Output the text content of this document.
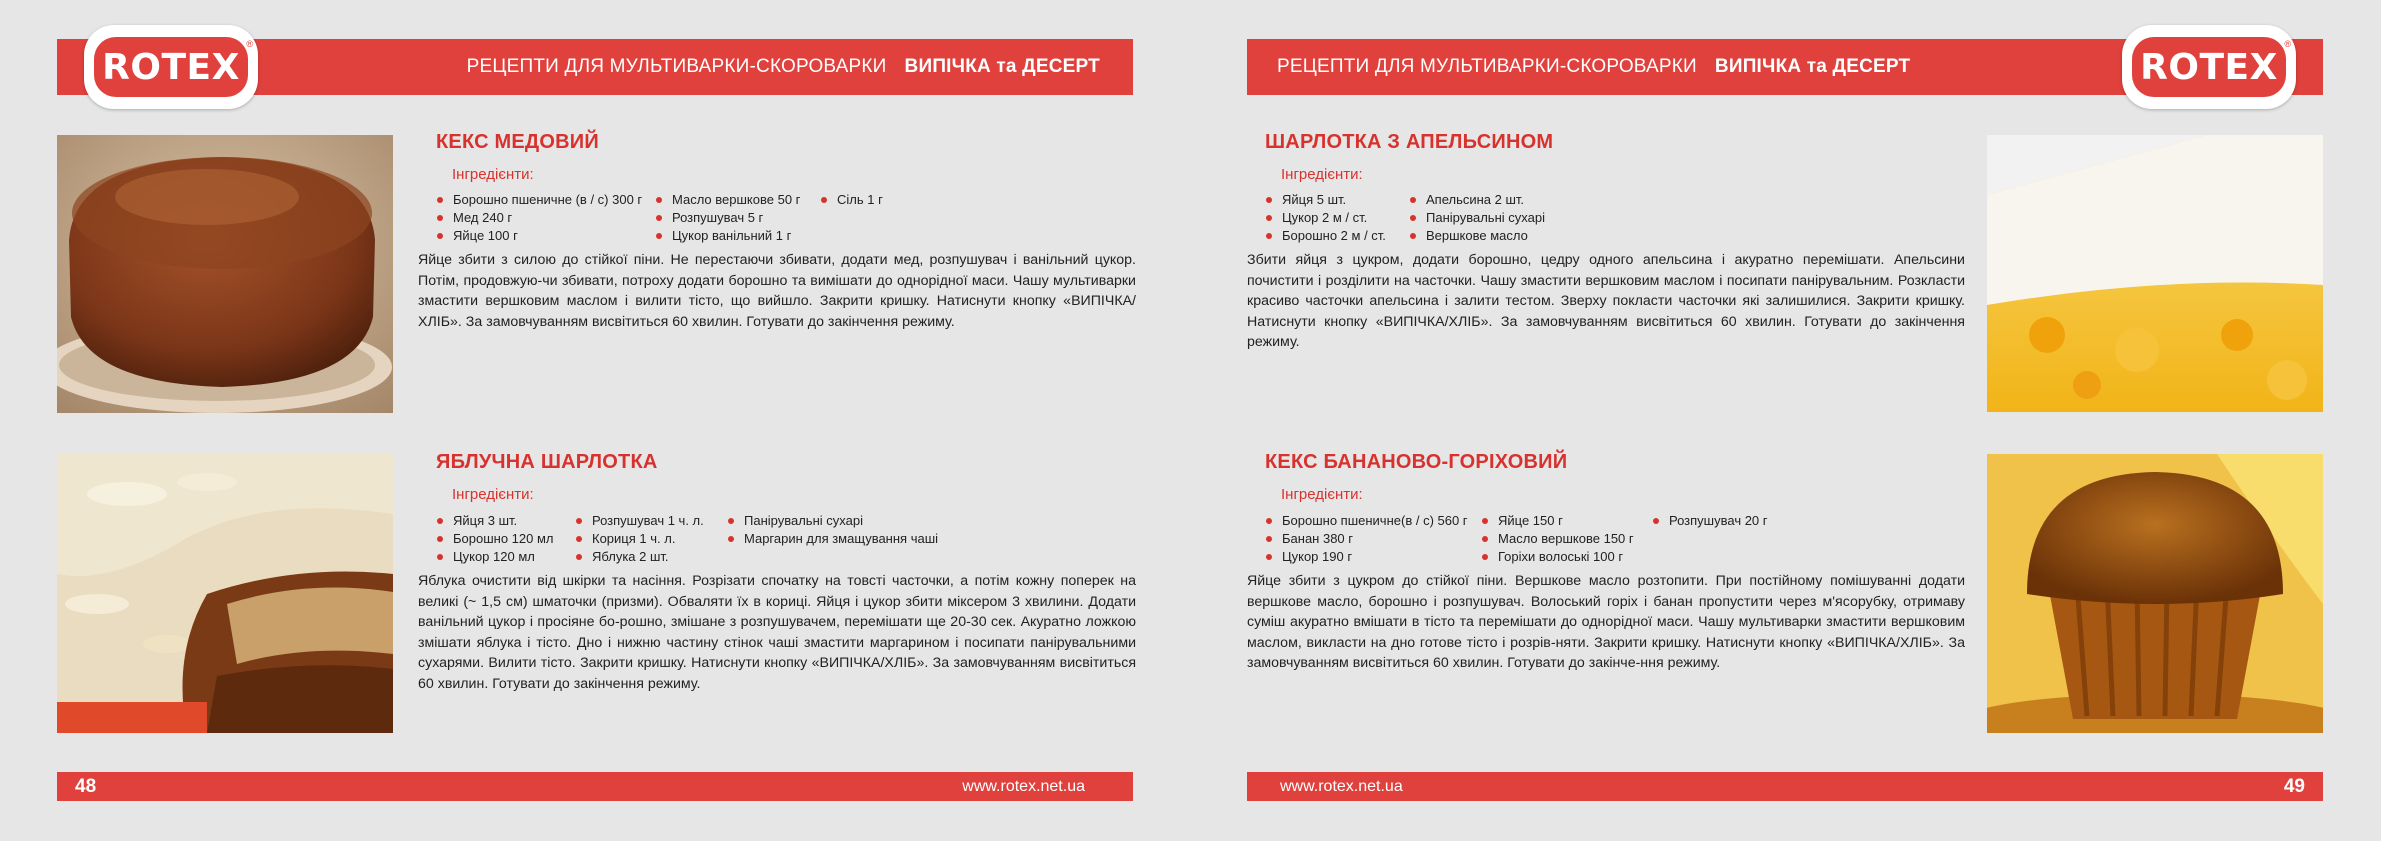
РЕЦЕПТИ ДЛЯ МУЛЬТИВАРКИ-СКОРОВАРКИ ВИПІЧКА та ДЕСЕРТ
ROTEX
®
КЕКС МЕДОВИЙ
Інгредієнти:
Борошно пшеничне (в / с) 300 г
Мед 240 г
Яйце 100 г
Масло вершкове 50 г
Розпушувач 5 г
Цукор ванільний 1 г
Сіль 1 г

Яйце збити з силою до стійкої піни. Не перестаючи збивати, додати мед, розпушувач і ванільний цукор. Потім, продовжую-чи збивати, потроху додати борошно та вимішати до однорідної маси. Чашу мультиварки змастити вершковим маслом і вилити тісто, що вийшло. Закрити кришку. Натиснути кнопку «ВИПІЧКА/ХЛІБ». За замовчуванням висвітиться 60 хвилин. Готувати до закінчення режиму.

ЯБЛУЧНА ШАРЛОТКА
Інгредієнти:
Яйця 3 шт.
Борошно 120 мл
Цукор 120 мл
Розпушувач 1 ч. л.
Кориця 1 ч. л.
Яблука 2 шт.
Панірувальні сухарі
Маргарин для змащування чаші

Яблука очистити від шкірки та насіння. Розрізати спочатку на товсті часточки, а потім кожну поперек на великі (~ 1,5 см) шматочки (призми). Обваляти їх в кориці. Яйця і цукор збити міксером 3 хвилини. Додати ванільний цукор і просіяне бо-рошно, змішане з розпушувачем, перемішати ще 20-30 сек. Акуратно ложкою змішати яблука і тісто. Дно і нижню частину стінок чаші змастити маргарином і посипати панірувальними сухарями. Вилити тісто. Закрити кришку. Натиснути кнопку «ВИПІЧКА/ХЛІБ». За замовчуванням висвітиться 60 хвилин. Готувати до закінчення режиму.

48	www.rotex.net.ua
РЕЦЕПТИ ДЛЯ МУЛЬТИВАРКИ-СКОРОВАРКИ ВИПІЧКА та ДЕСЕРТ	ROTEX
®
ШАРЛОТКА З АПЕЛЬСИНОМ
Інгредієнти:
Яйця 5 шт.
Цукор 2 м / ст.
Борошно 2 м / ст.
Апельсина 2 шт.
Панірувальні сухарі
Вершкове масло

Збити яйця з цукром, додати борошно, цедру одного апельсина і акуратно перемішати. Апельсини почистити і розділити на часточки. Чашу змастити вершковим маслом і посипати панірувальним. Розкласти красиво часточки апельсина і залити тестом. Зверху покласти часточки які залишилися. Закрити кришку. Натиснути кнопку «ВИПІЧКА/ХЛІБ». За замовчуванням висвітиться 60 хвилин. Готувати до закінчення режиму.

КЕКС БАНАНОВО-ГОРІХОВИЙ
Інгредієнти:
Борошно пшеничне(в / с) 560 г
Банан 380 г
Цукор 190 г
Яйце 150 г
Масло вершкове 150 г
Горіхи волоські 100 г
Розпушувач 20 г

Яйце збити з цукром до стійкої піни. Вершкове масло розтопити. При постійному помішуванні додати вершкове масло, борошно і розпушувач. Волоський горіх і банан пропустити через м'ясорубку, отримаву суміш акуратно вмішати в тісто та перемішати до однорідної маси. Чашу мультиварки змастити вершковим маслом, викласти на дно готове тісто і розрів-няти. Закрити кришку. Натиснути кнопку «ВИПІЧКА/ХЛІБ». За замовчуванням висвітиться 60 хвилин. Готувати до закінче-ння режиму.

www.rotex.net.ua	49
